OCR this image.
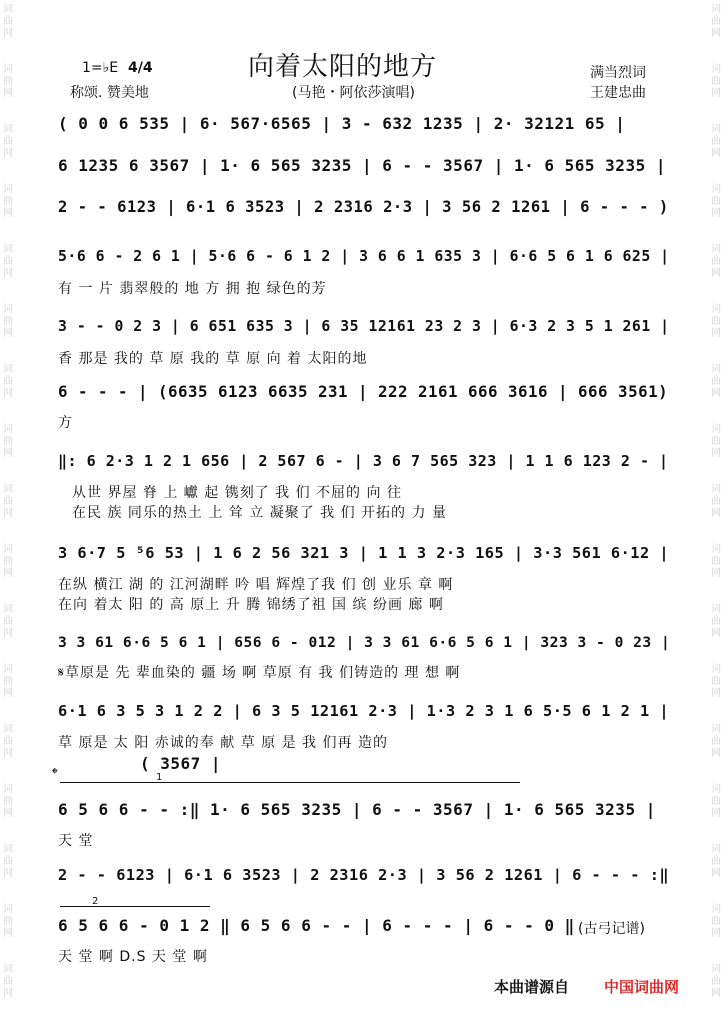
词曲网
词曲网
词曲网
词曲网
词曲网
词曲网
词曲网
词曲网
词曲网
词曲网
词曲网
词曲网
词曲网
词曲网
词曲网
词曲网
词曲网
词曲网
词曲网
词曲网
词曲网
词曲网
词曲网
词曲网
词曲网
词曲网
词曲网
词曲网
词曲网
词曲网
词曲网
词曲网
词曲网
词曲网
1=♭E 4/4
称颂. 赞美地
向着太阳的地方
(马艳・阿依莎演唱)
满当烈词
王建忠曲
( 0 0 6 535 | 6· 567·6565 | 3 - 632 1235 | 2· 32121 65 |
6 1235 6 3567 | 1· 6 565 3235 | 6 - - 3567 | 1· 6 565 3235 |
2 - - 6123 | 6·1 6 3523 | 2 2316 2·3 | 3 56 2 1261 | 6 - - - )
5·6 6 - 2 6 1 | 5·6 6 - 6 1 2 | 3 6 6 1 635 3 | 6·6 5 6 1 6 625 |
有 一 片 翡翠般的 地 方 拥 抱 绿色的芳
3 - - 0 2 3 | 6 651 635 3 | 6 35 12161 23 2 3 | 6·3 2 3 5 1 261 |
香 那是 我的 草 原 我的 草 原 向 着 太阳的地
6 - - - | (6635 6123 6635 231 | 222 2161 666 3616 | 666 3561)
方
‖: 6 2·3 1 2 1 656 | 2 567 6 - | 3 6 7 565 323 | 1 1 6 123 2 - |
从世 界屋 脊 上 巘 起 镌刻了 我 们 不屈的 向 往
在民 族 同乐的热土 上 耸 立 凝聚了 我 们 开拓的 力 量
3 6·7 5 ⁵6 53 | 1 6 2 56 321 3 | 1 1 3 2·3 165 | 3·3 561 6·12 |
在纵 横江 湖 的 江河湖畔 吟 唱 辉煌了我 们 创 业乐 章 啊
在向 着太 阳 的 高 原上 升 腾 锦绣了祖 国 缤 纷画 廊 啊
3 3 61 6·6 5 6 1 | 656 6 - 012 | 3 3 61 6·6 5 6 1 | 323 3 - 0 23 |
𝄋草原是 先 辈血染的 疆 场 啊 草原 有 我 们铸造的 理 想 啊
6·1 6 3 5 3 1 2 2 | 6 3 5 12161 2·3 | 1·3 2 3 1 6 5·5 6 1 2 1 |
草 原是 太 阳 赤诚的奉 献 草 原 是 我 们再 造的
( 3567 |
𝄌	1
6 5 6 6 - - :‖ 1· 6 565 3235 | 6 - - 3567 | 1· 6 565 3235 |
天 堂
2 - - 6123 | 6·1 6 3523 | 2 2316 2·3 | 3 56 2 1261 | 6 - - - :‖
2
6 5 6 6 - 0 1 2 ‖ 6 5 6 6 - - | 6 - - - | 6 - - 0 ‖
天 堂 啊 D.S 天 堂 啊
(古弓记谱)
本曲谱源自 中国词曲网
